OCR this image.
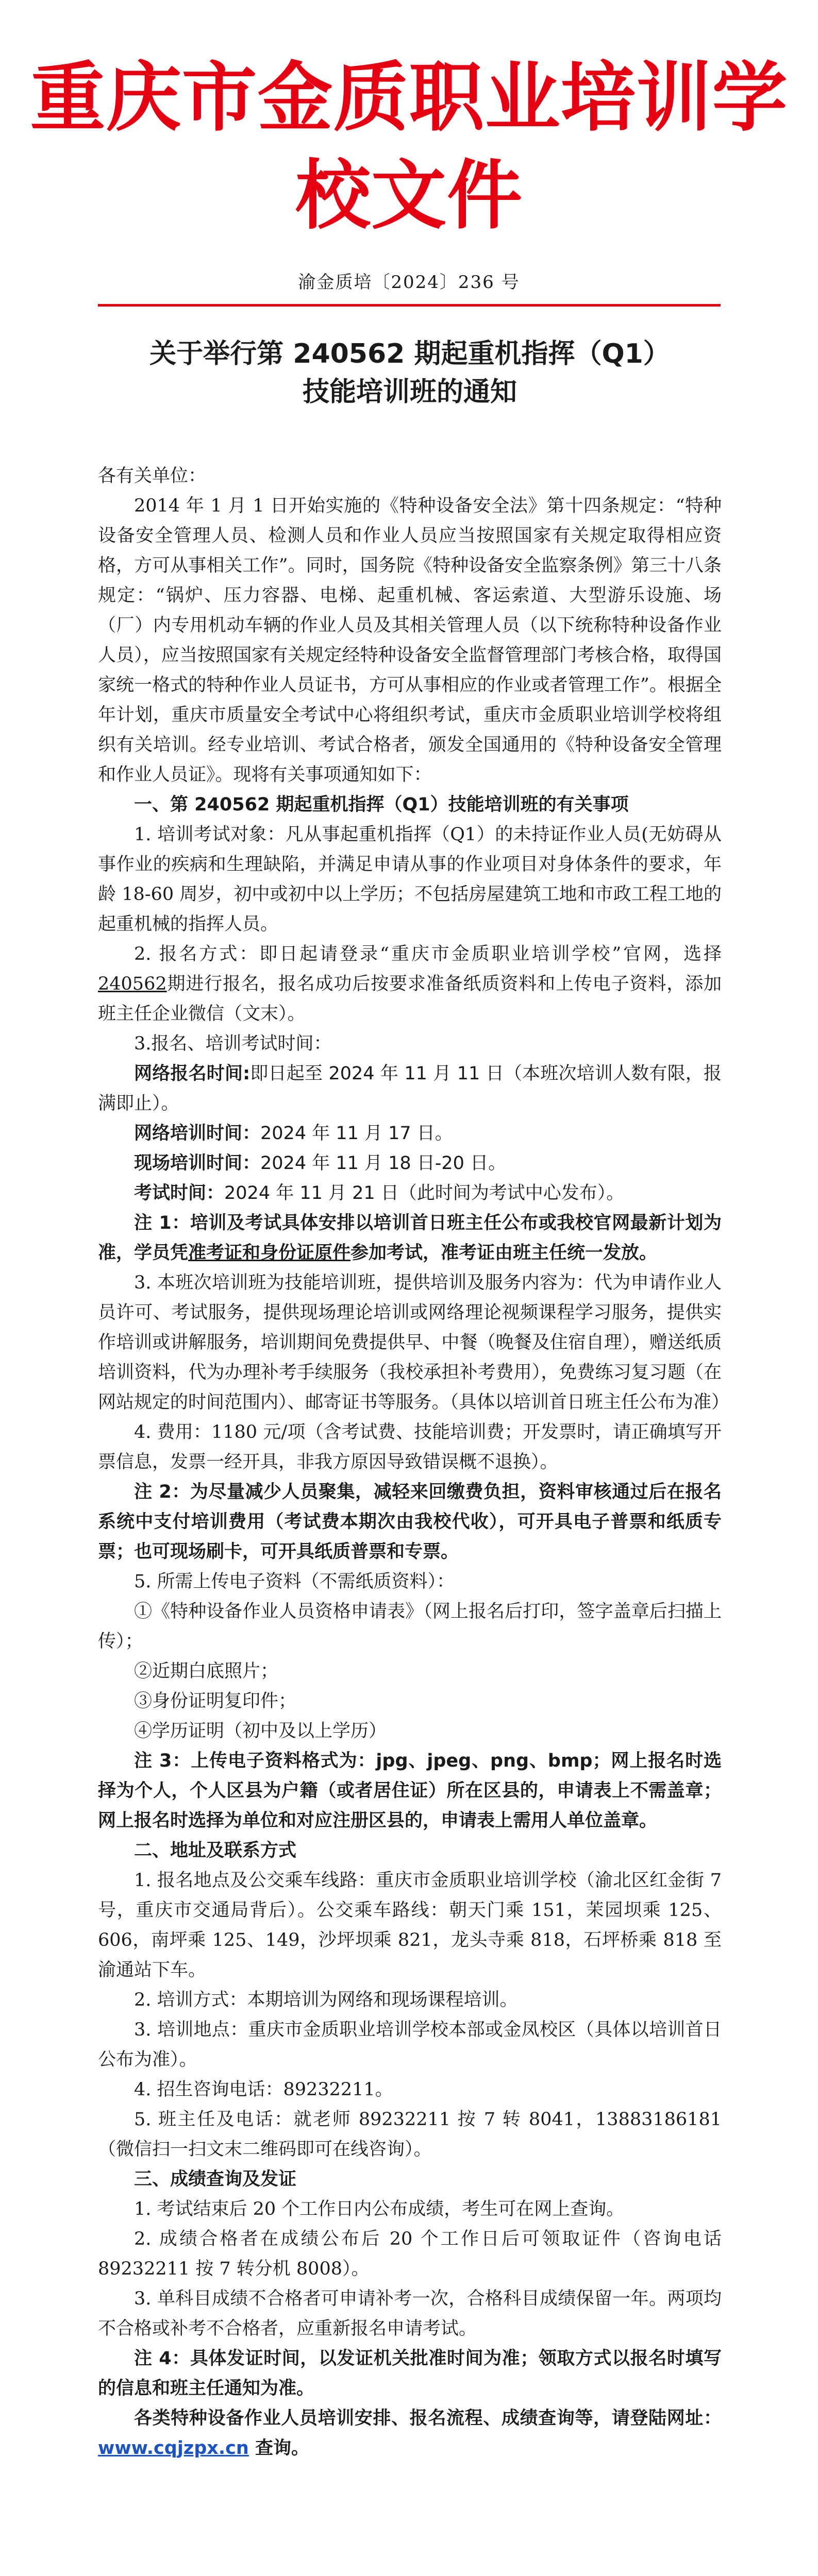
重庆市金质职业培训学校文件
渝金质培〔2024〕236 号
关于举行第 240562 期起重机指挥（Q1）
技能培训班的通知

各有关单位：

2014 年 1 月 1 日开始实施的《特种设备安全法》第十四条规定：“特种设备安全管理人员、检测人员和作业人员应当按照国家有关规定取得相应资格，方可从事相关工作”。同时，国务院《特种设备安全监察条例》第三十八条规定：“锅炉、压力容器、电梯、起重机械、客运索道、大型游乐设施、场（厂）内专用机动车辆的作业人员及其相关管理人员（以下统称特种设备作业人员），应当按照国家有关规定经特种设备安全监督管理部门考核合格，取得国家统一格式的特种作业人员证书，方可从事相应的作业或者管理工作”。根据全年计划，重庆市质量安全考试中心将组织考试，重庆市金质职业培训学校将组织有关培训。经专业培训、考试合格者，颁发全国通用的《特种设备安全管理和作业人员证》。现将有关事项通知如下：

一、第 240562 期起重机指挥（Q1）技能培训班的有关事项

1. 培训考试对象：凡从事起重机指挥（Q1）的未持证作业人员(无妨碍从事作业的疾病和生理缺陷，并满足申请从事的作业项目对身体条件的要求，年龄 18-60 周岁，初中或初中以上学历；不包括房屋建筑工地和市政工程工地的起重机械的指挥人员。

2. 报名方式：即日起请登录“重庆市金质职业培训学校”官网，选择240562期进行报名，报名成功后按要求准备纸质资料和上传电子资料，添加班主任企业微信（文末）。

3.报名、培训考试时间：

网络报名时间:即日起至 2024 年 11 月 11 日（本班次培训人数有限，报满即止）。

网络培训时间：2024 年 11 月 17 日。

现场培训时间：2024 年 11 月 18 日-20 日。

考试时间：2024 年 11 月 21 日（此时间为考试中心发布）。

注 1：培训及考试具体安排以培训首日班主任公布或我校官网最新计划为准，学员凭准考证和身份证原件参加考试，准考证由班主任统一发放。

3. 本班次培训班为技能培训班，提供培训及服务内容为：代为申请作业人员许可、考试服务，提供现场理论培训或网络理论视频课程学习服务，提供实作培训或讲解服务，培训期间免费提供早、中餐（晚餐及住宿自理），赠送纸质培训资料，代为办理补考手续服务（我校承担补考费用），免费练习复习题（在网站规定的时间范围内）、邮寄证书等服务。（具体以培训首日班主任公布为准）

4. 费用：1180 元/项（含考试费、技能培训费；开发票时，请正确填写开票信息，发票一经开具，非我方原因导致错误概不退换）。

注 2：为尽量减少人员聚集，减轻来回缴费负担，资料审核通过后在报名系统中支付培训费用（考试费本期次由我校代收），可开具电子普票和纸质专票；也可现场刷卡，可开具纸质普票和专票。

5. 所需上传电子资料（不需纸质资料）：

①《特种设备作业人员资格申请表》（网上报名后打印，签字盖章后扫描上传）；

②近期白底照片；

③身份证明复印件；

④学历证明（初中及以上学历）

注 3：上传电子资料格式为：jpg、jpeg、png、bmp；网上报名时选择为个人，个人区县为户籍（或者居住证）所在区县的，申请表上不需盖章；网上报名时选择为单位和对应注册区县的，申请表上需用人单位盖章。

二、地址及联系方式

1. 报名地点及公交乘车线路：重庆市金质职业培训学校（渝北区红金街 7 号，重庆市交通局背后）。公交乘车路线：朝天门乘 151，茉园坝乘 125、606，南坪乘 125、149，沙坪坝乘 821，龙头寺乘 818，石坪桥乘 818 至渝通站下车。

2. 培训方式：本期培训为网络和现场课程培训。

3. 培训地点：重庆市金质职业培训学校本部或金凤校区（具体以培训首日公布为准）。

4. 招生咨询电话：89232211。

5. 班主任及电话：就老师 89232211 按 7 转 8041，13883186181（微信扫一扫文末二维码即可在线咨询）。

三、成绩查询及发证

1. 考试结束后 20 个工作日内公布成绩，考生可在网上查询。

2. 成绩合格者在成绩公布后 20 个工作日后可领取证件（咨询电话 89232211 按 7 转分机 8008）。

3. 单科目成绩不合格者可申请补考一次，合格科目成绩保留一年。两项均不合格或补考不合格者，应重新报名申请考试。

注 4：具体发证时间，以发证机关批准时间为准；领取方式以报名时填写的信息和班主任通知为准。

各类特种设备作业人员培训安排、报名流程、成绩查询等，请登陆网址：www.cqjzpx.cn 查询。
